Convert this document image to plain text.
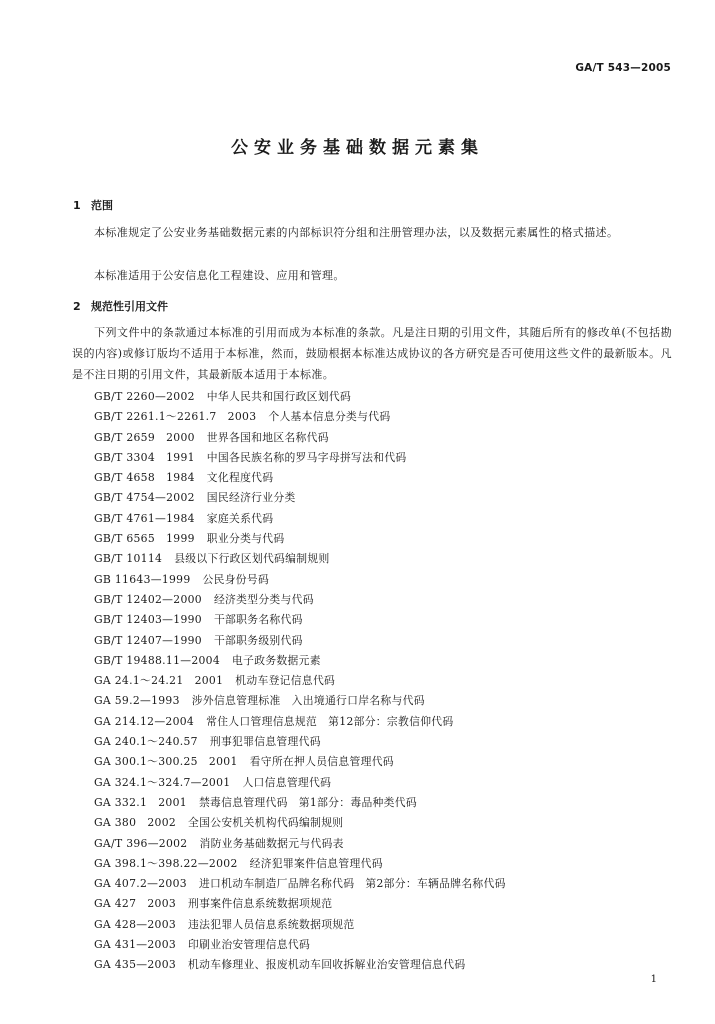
GA/T 543—2005
公安业务基础数据元素集
1 范围
本标准规定了公安业务基础数据元素的内部标识符分组和注册管理办法，以及数据元素属性的格式描述。
本标准适用于公安信息化工程建设、应用和管理。
2 规范性引用文件
下列文件中的条款通过本标准的引用而成为本标准的条款。凡是注日期的引用文件，其随后所有的修改单(不包括勘误的内容)或修订版均不适用于本标准，然而，鼓励根据本标准达成协议的各方研究是否可使用这些文件的最新版本。凡是不注日期的引用文件，其最新版本适用于本标准。
GB/T 2260—2002 中华人民共和国行政区划代码
GB/T 2261.1～2261.7　2003 个人基本信息分类与代码
GB/T 2659　2000 世界各国和地区名称代码
GB/T 3304　1991 中国各民族名称的罗马字母拼写法和代码
GB/T 4658　1984 文化程度代码
GB/T 4754—2002 国民经济行业分类
GB/T 4761—1984 家庭关系代码
GB/T 6565　1999 职业分类与代码
GB/T 10114 县级以下行政区划代码编制规则
GB 11643—1999 公民身份号码
GB/T 12402—2000 经济类型分类与代码
GB/T 12403—1990 干部职务名称代码
GB/T 12407—1990 干部职务级别代码
GB/T 19488.11—2004 电子政务数据元素
GA 24.1～24.21　2001 机动车登记信息代码
GA 59.2—1993 涉外信息管理标准　入出境通行口岸名称与代码
GA 214.12—2004 常住人口管理信息规范　第12部分：宗教信仰代码
GA 240.1～240.57 刑事犯罪信息管理代码
GA 300.1～300.25　2001 看守所在押人员信息管理代码
GA 324.1～324.7—2001 人口信息管理代码
GA 332.1　2001 禁毒信息管理代码　第1部分：毒品种类代码
GA 380　2002 全国公安机关机构代码编制规则
GA/T 396—2002 消防业务基础数据元与代码表
GA 398.1～398.22—2002 经济犯罪案件信息管理代码
GA 407.2—2003 进口机动车制造厂品牌名称代码　第2部分：车辆品牌名称代码
GA 427　2003 刑事案件信息系统数据项规范
GA 428—2003 违法犯罪人员信息系统数据项规范
GA 431—2003 印刷业治安管理信息代码
GA 435—2003 机动车修理业、报废机动车回收拆解业治安管理信息代码
1
